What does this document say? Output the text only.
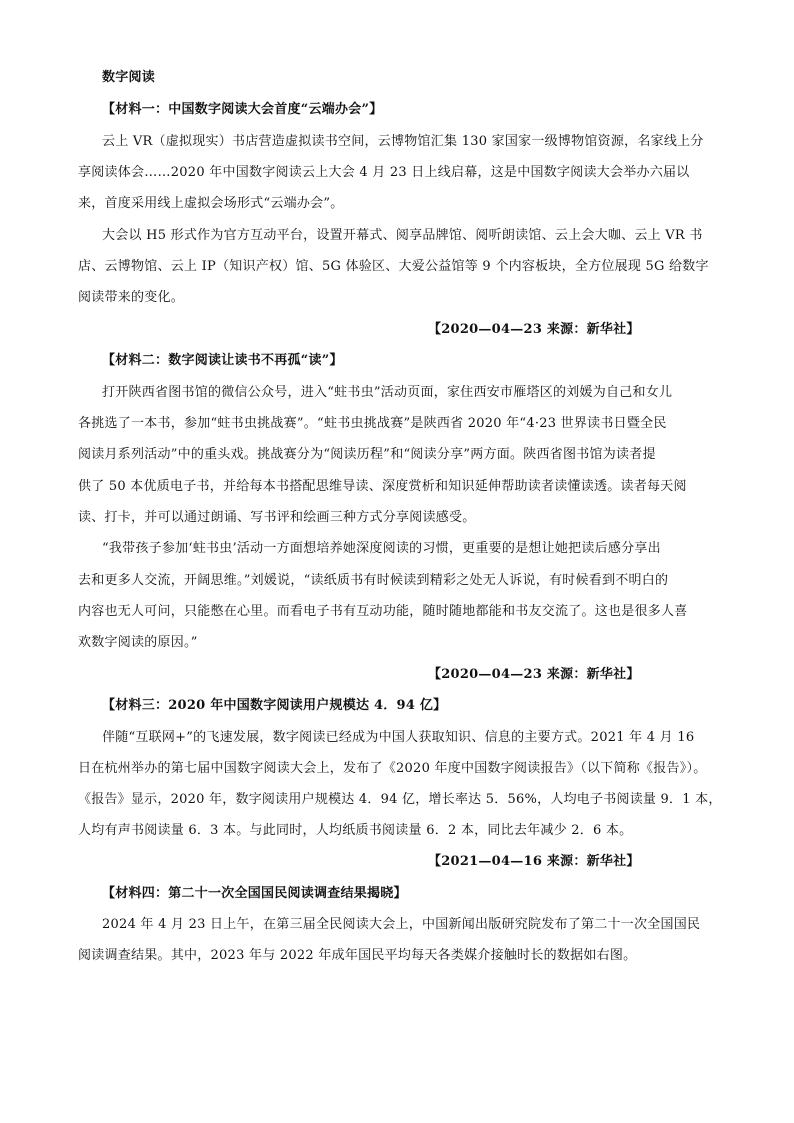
数字阅读
【材料一：中国数字阅读大会首度“云端办会”】
云上 VR（虚拟现实）书店营造虚拟读书空间，云博物馆汇集 130 家国家一级博物馆资源，名家线上分
享阅读体会……2020 年中国数字阅读云上大会 4 月 23 日上线启幕，这是中国数字阅读大会举办六届以
来，首度采用线上虚拟会场形式“云端办会”。
大会以 H5 形式作为官方互动平台，设置开幕式、阅享品牌馆、阅听朗读馆、云上会大咖、云上 VR 书
店、云博物馆、云上 IP（知识产权）馆、5G 体验区、大爱公益馆等 9 个内容板块，全方位展现 5G 给数字
阅读带来的变化。
【2020—04—23 来源：新华社】
【材料二：数字阅读让读书不再孤“读”】
打开陕西省图书馆的微信公众号，进入“蛀书虫”活动页面，家住西安市雁塔区的刘媛为自己和女儿
各挑选了一本书，参加“蛀书虫挑战赛”。“蛀书虫挑战赛”是陕西省 2020 年“4·23 世界读书日暨全民
阅读月系列活动”中的重头戏。挑战赛分为“阅读历程”和“阅读分享”两方面。陕西省图书馆为读者提
供了 50 本优质电子书，并给每本书搭配思维导读、深度赏析和知识延伸帮助读者读懂读透。读者每天阅
读、打卡，并可以通过朗诵、写书评和绘画三种方式分享阅读感受。
“我带孩子参加‘蛀书虫’活动一方面想培养她深度阅读的习惯，更重要的是想让她把读后感分享出
去和更多人交流，开阔思维。”刘媛说，“读纸质书有时候读到精彩之处无人诉说，有时候看到不明白的
内容也无人可问，只能憋在心里。而看电子书有互动功能，随时随地都能和书友交流了。这也是很多人喜
欢数字阅读的原因。”
【2020—04—23 来源：新华社】
【材料三：2020 年中国数字阅读用户规模达 4．94 亿】
伴随“互联网+”的飞速发展，数字阅读已经成为中国人获取知识、信息的主要方式。2021 年 4 月 16
日在杭州举办的第七届中国数字阅读大会上，发布了《2020 年度中国数字阅读报告》（以下简称《报告》）。
《报告》显示，2020 年，数字阅读用户规模达 4．94 亿，增长率达 5．56%，人均电子书阅读量 9．1 本，
人均有声书阅读量 6．3 本。与此同时，人均纸质书阅读量 6．2 本，同比去年减少 2．6 本。
【2021—04—16 来源：新华社】
【材料四：第二十一次全国国民阅读调查结果揭晓】
2024 年 4 月 23 日上午，在第三届全民阅读大会上，中国新闻出版研究院发布了第二十一次全国国民
阅读调查结果。其中，2023 年与 2022 年成年国民平均每天各类媒介接触时长的数据如右图。
